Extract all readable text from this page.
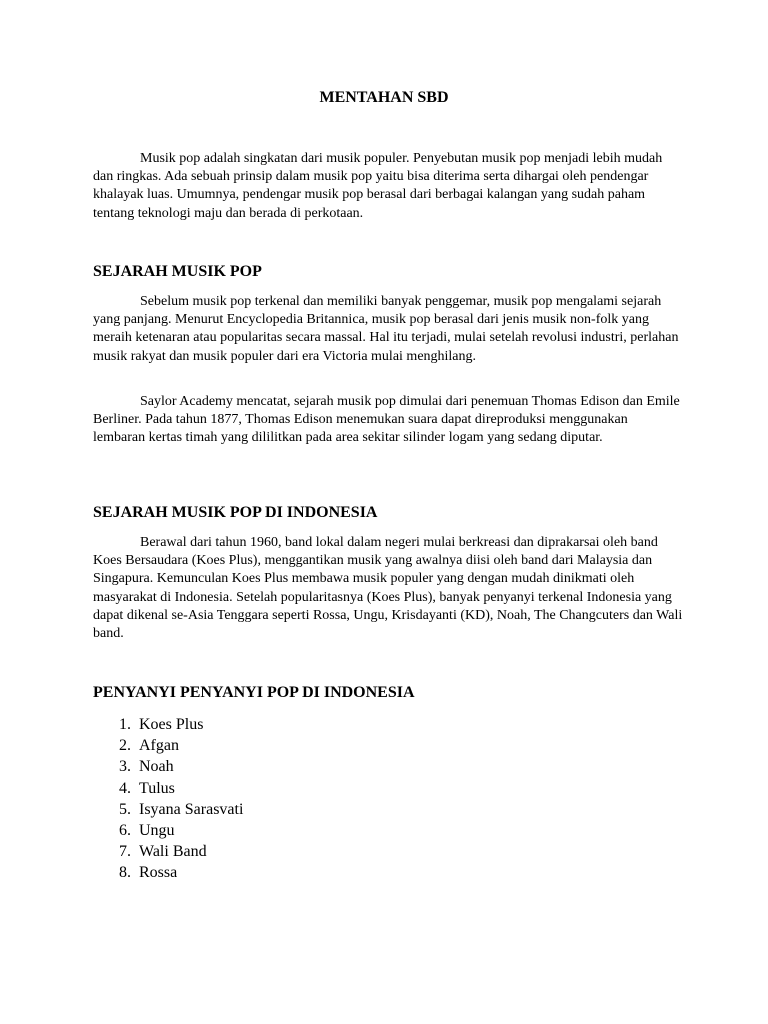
MENTAHAN SBD

Musik pop adalah singkatan dari musik populer. Penyebutan musik pop menjadi lebih mudah dan ringkas. Ada sebuah prinsip dalam musik pop yaitu bisa diterima serta dihargai oleh pendengar khalayak luas. Umumnya, pendengar musik pop berasal dari berbagai kalangan yang sudah paham tentang teknologi maju dan berada di perkotaan.

SEJARAH MUSIK POP

Sebelum musik pop terkenal dan memiliki banyak penggemar, musik pop mengalami sejarah yang panjang. Menurut Encyclopedia Britannica, musik pop berasal dari jenis musik non-folk yang meraih ketenaran atau popularitas secara massal. Hal itu terjadi, mulai setelah revolusi industri, perlahan musik rakyat dan musik populer dari era Victoria mulai menghilang.

Saylor Academy mencatat, sejarah musik pop dimulai dari penemuan Thomas Edison dan Emile Berliner. Pada tahun 1877, Thomas Edison menemukan suara dapat direproduksi menggunakan lembaran kertas timah yang dililitkan pada area sekitar silinder logam yang sedang diputar.

SEJARAH MUSIK POP DI INDONESIA

Berawal dari tahun 1960, band lokal dalam negeri mulai berkreasi dan diprakarsai oleh band Koes Bersaudara (Koes Plus), menggantikan musik yang awalnya diisi oleh band dari Malaysia dan Singapura. Kemunculan Koes Plus membawa musik populer yang dengan mudah dinikmati oleh masyarakat di Indonesia. Setelah popularitasnya (Koes Plus), banyak penyanyi terkenal Indonesia yang dapat dikenal se-Asia Tenggara seperti Rossa, Ungu, Krisdayanti (KD), Noah, The Changcuters dan Wali band.

PENYANYI PENYANYI POP DI INDONESIA
1. Koes Plus
2. Afgan
3. Noah
4. Tulus
5. Isyana Sarasvati
6. Ungu
7. Wali Band
8. Rossa
